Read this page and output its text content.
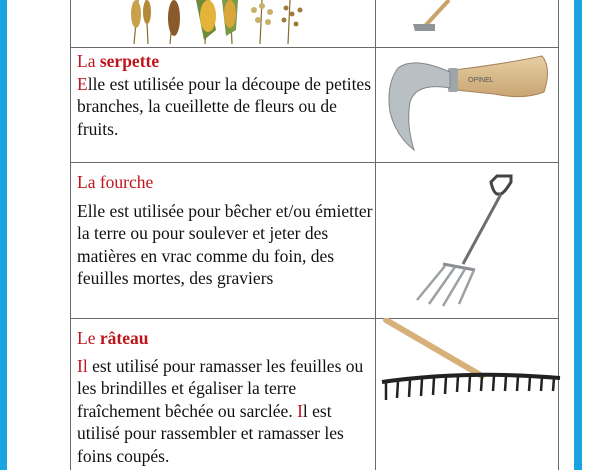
La serpette
Elle est utilisée pour la découpe de petites branches, la cueillette de fleurs ou de fruits.
OPINEL
La fourche
Elle est utilisée pour bêcher et/ou émietter la terre ou pour soulever et jeter des matières en vrac comme du foin, des feuilles mortes, des graviers
Le râteau
Il est utilisé pour ramasser les feuilles ou les brindilles et égaliser la terre fraîchement bêchée ou sarclée. Il est utilisé pour rassembler et ramasser les foins coupés.
